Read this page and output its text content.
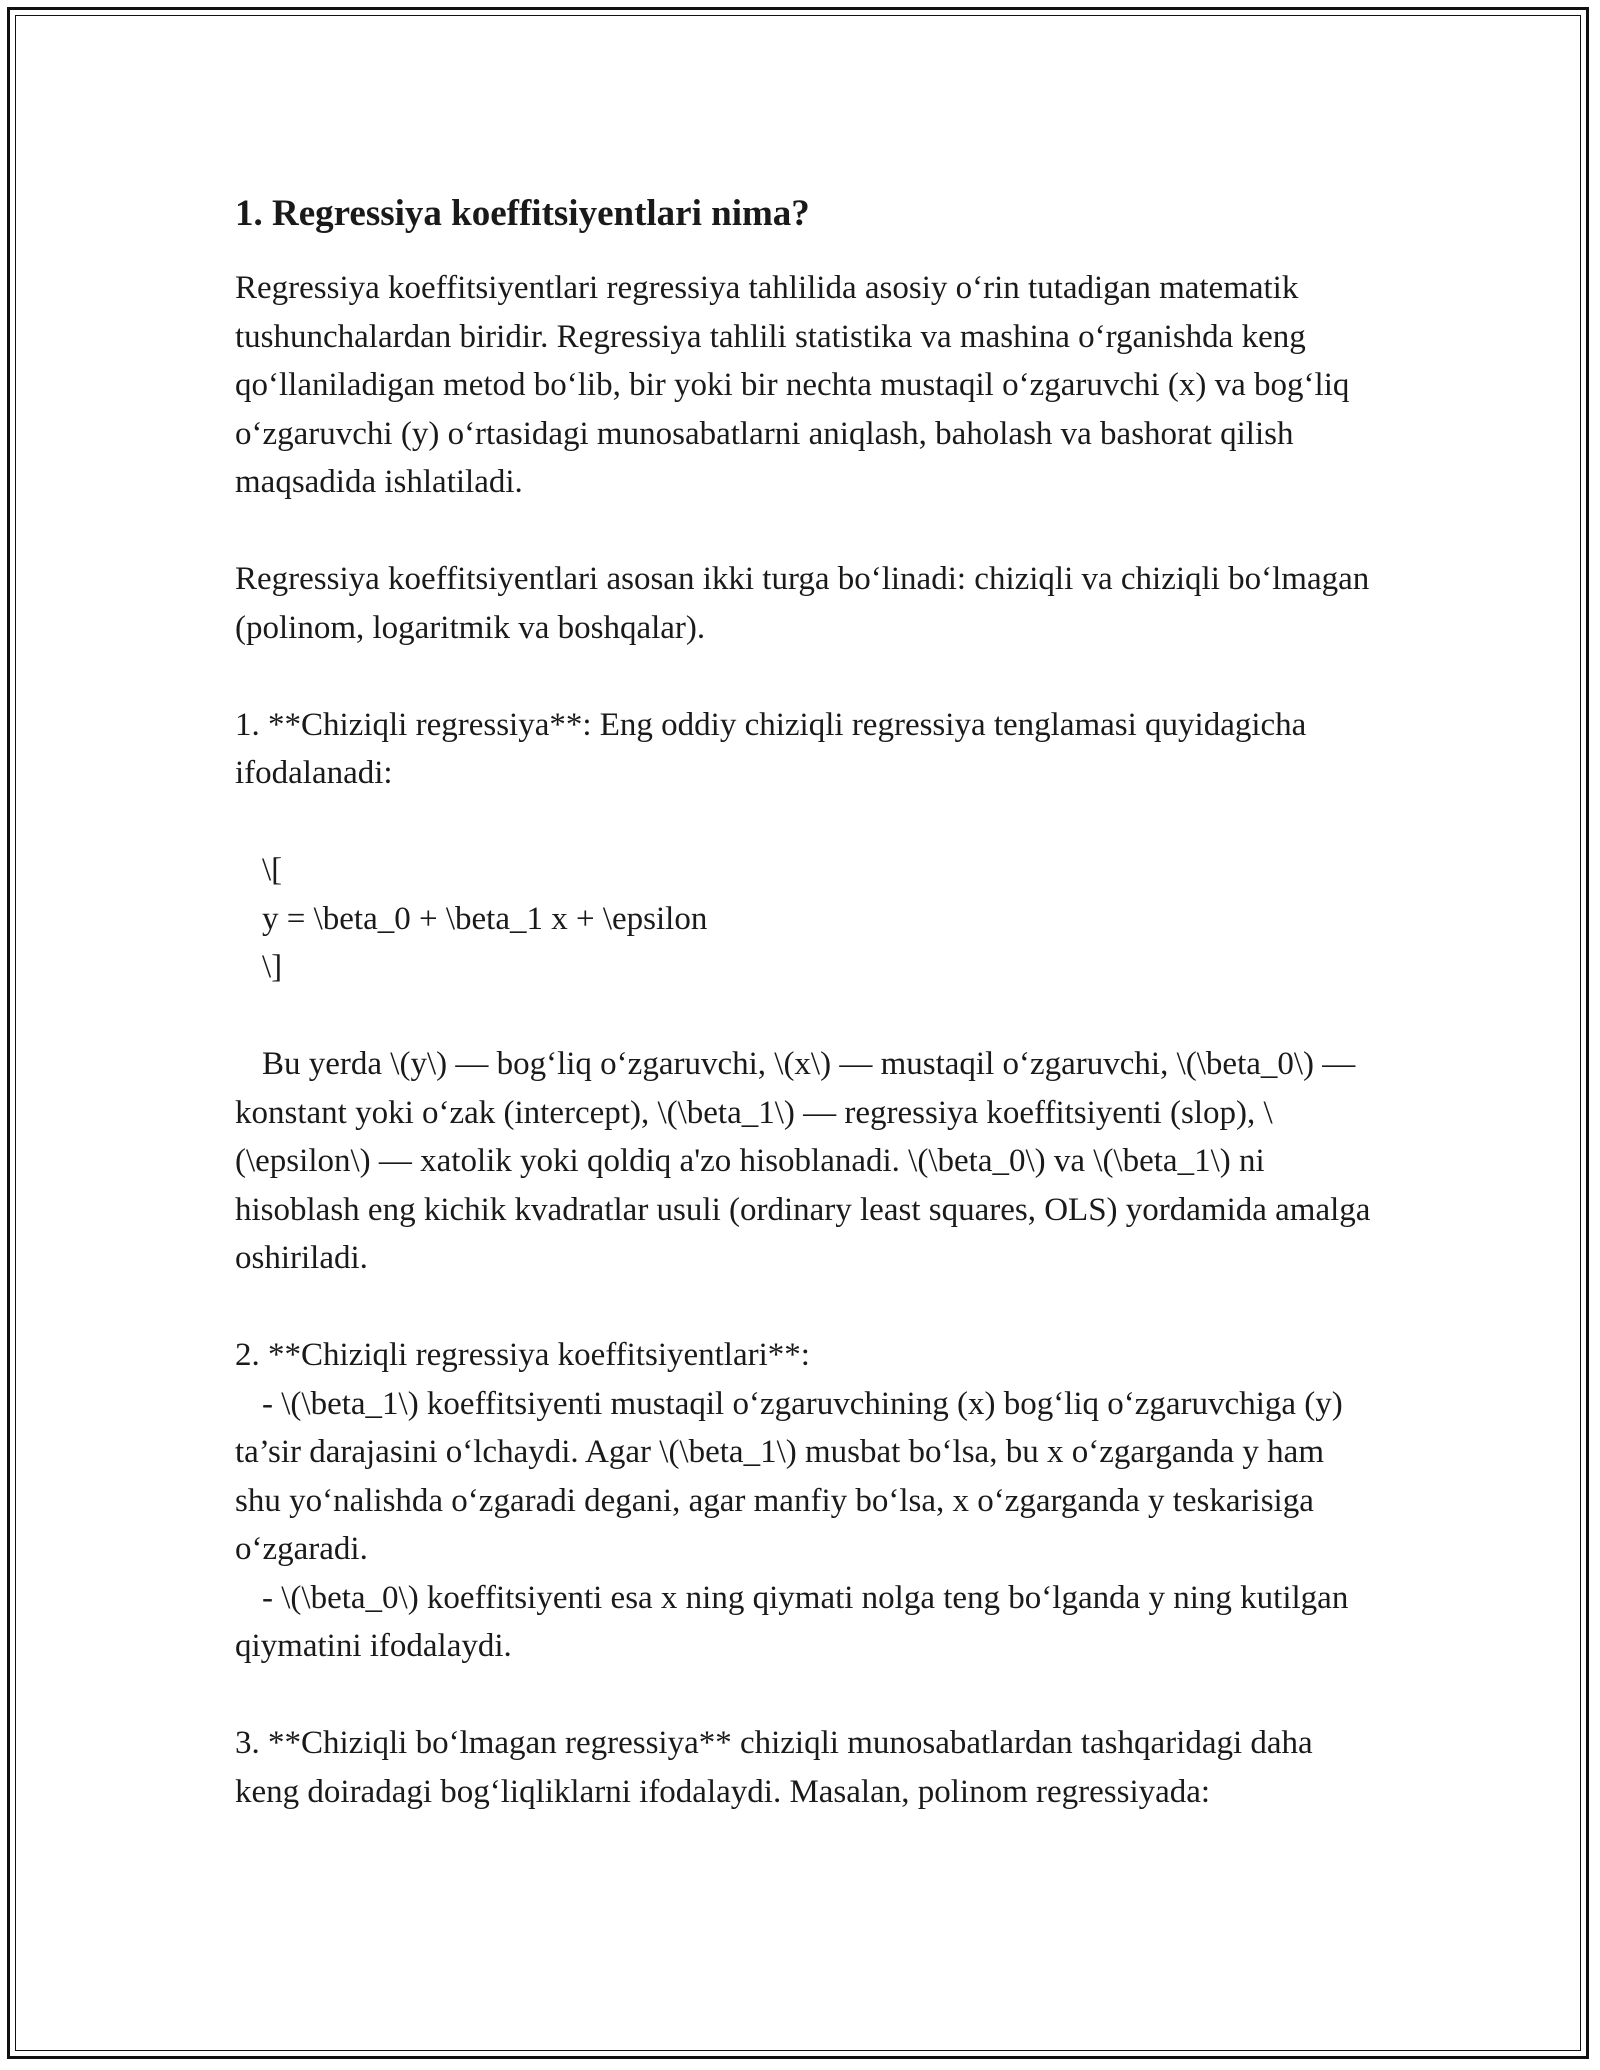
1. Regressiya koeffitsiyentlari nima?

Regressiya koeffitsiyentlari regressiya tahlilida asosiy o‘rin tutadigan matematik tushunchalardan biridir. Regressiya tahlili statistika va mashina o‘rganishda keng qo‘llaniladigan metod bo‘lib, bir yoki bir nechta mustaqil o‘zgaruvchi (x) va bog‘liq o‘zgaruvchi (y) o‘rtasidagi munosabatlarni aniqlash, baholash va bashorat qilish maqsadida ishlatiladi.

Regressiya koeffitsiyentlari asosan ikki turga bo‘linadi: chiziqli va chiziqli bo‘lmagan (polinom, logaritmik va boshqalar).

1. **Chiziqli regressiya**: Eng oddiy chiziqli regressiya tenglamasi quyidagicha ifodalanadi:

\[

y = \beta_0 + \beta_1 x + \epsilon

\]

Bu yerda \(y\) — bog‘liq o‘zgaruvchi, \(x\) — mustaqil o‘zgaruvchi, \(\beta_0\) — konstant yoki o‘zak (intercept), \(\beta_1\) — regressiya koeffitsiyenti (slop), \(\epsilon\) — xatolik yoki qoldiq a'zo hisoblanadi. \(\beta_0\) va \(\beta_1\) ni hisoblash eng kichik kvadratlar usuli (ordinary least squares, OLS) yordamida amalga oshiriladi.

2. **Chiziqli regressiya koeffitsiyentlari**:

- \(\beta_1\) koeffitsiyenti mustaqil o‘zgaruvchining (x) bog‘liq o‘zgaruvchiga (y) ta’sir darajasini o‘lchaydi. Agar \(\beta_1\) musbat bo‘lsa, bu x o‘zgarganda y ham shu yo‘nalishda o‘zgaradi degani, agar manfiy bo‘lsa, x o‘zgarganda y teskarisiga o‘zgaradi.

- \(\beta_0\) koeffitsiyenti esa x ning qiymati nolga teng bo‘lganda y ning kutilgan qiymatini ifodalaydi.

3. **Chiziqli bo‘lmagan regressiya** chiziqli munosabatlardan tashqaridagi daha keng doiradagi bog‘liqliklarni ifodalaydi. Masalan, polinom regressiyada:
